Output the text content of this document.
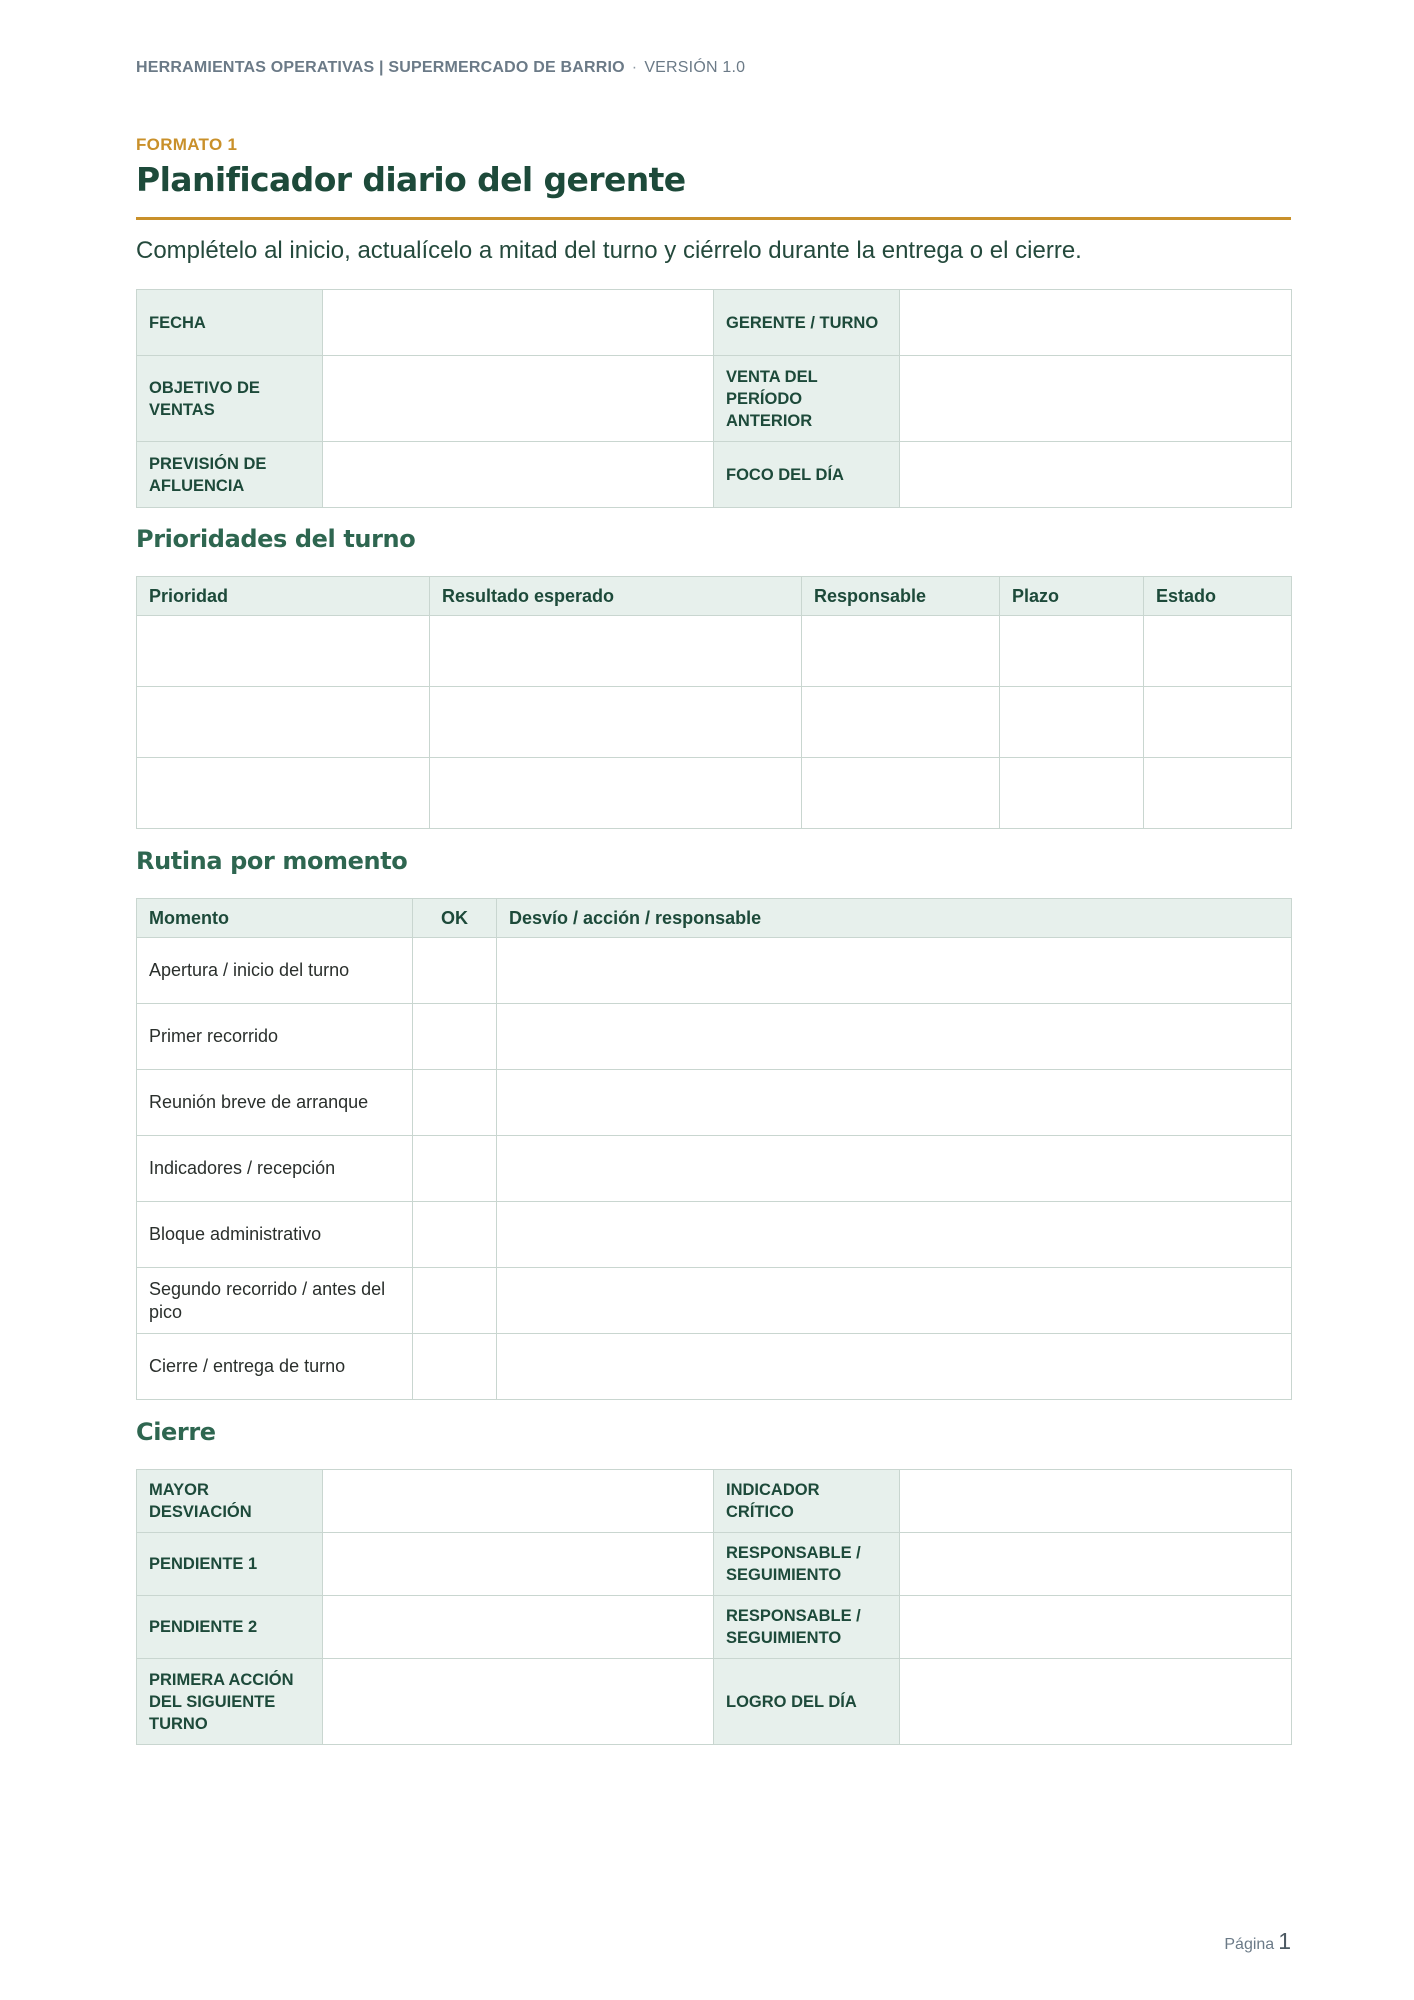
HERRAMIENTAS OPERATIVAS | SUPERMERCADO DE BARRIO · VERSIÓN 1.0
FORMATO 1
Planificador diario del gerente
Complételo al inicio, actualícelo a mitad del turno y ciérrelo durante la entrega o el cierre.
FECHA		GERENTE / TURNO	
OBJETIVO DE VENTAS		VENTA DEL PERÍODO ANTERIOR	
PREVISIÓN DE AFLUENCIA		FOCO DEL DÍA	
Prioridades del turno
Prioridad	Resultado esperado	Responsable	Plazo	Estado

Rutina por momento
Momento	OK	Desvío / acción / responsable
Apertura / inicio del turno		
Primer recorrido		
Reunión breve de arranque		
Indicadores / recepción		
Bloque administrativo		
Segundo recorrido / antes del pico		
Cierre / entrega de turno		
Cierre
MAYOR DESVIACIÓN		INDICADOR CRÍTICO	
PENDIENTE 1		RESPONSABLE / SEGUIMIENTO	
PENDIENTE 2		RESPONSABLE / SEGUIMIENTO	
PRIMERA ACCIÓN DEL SIGUIENTE TURNO		LOGRO DEL DÍA	
Página 1
